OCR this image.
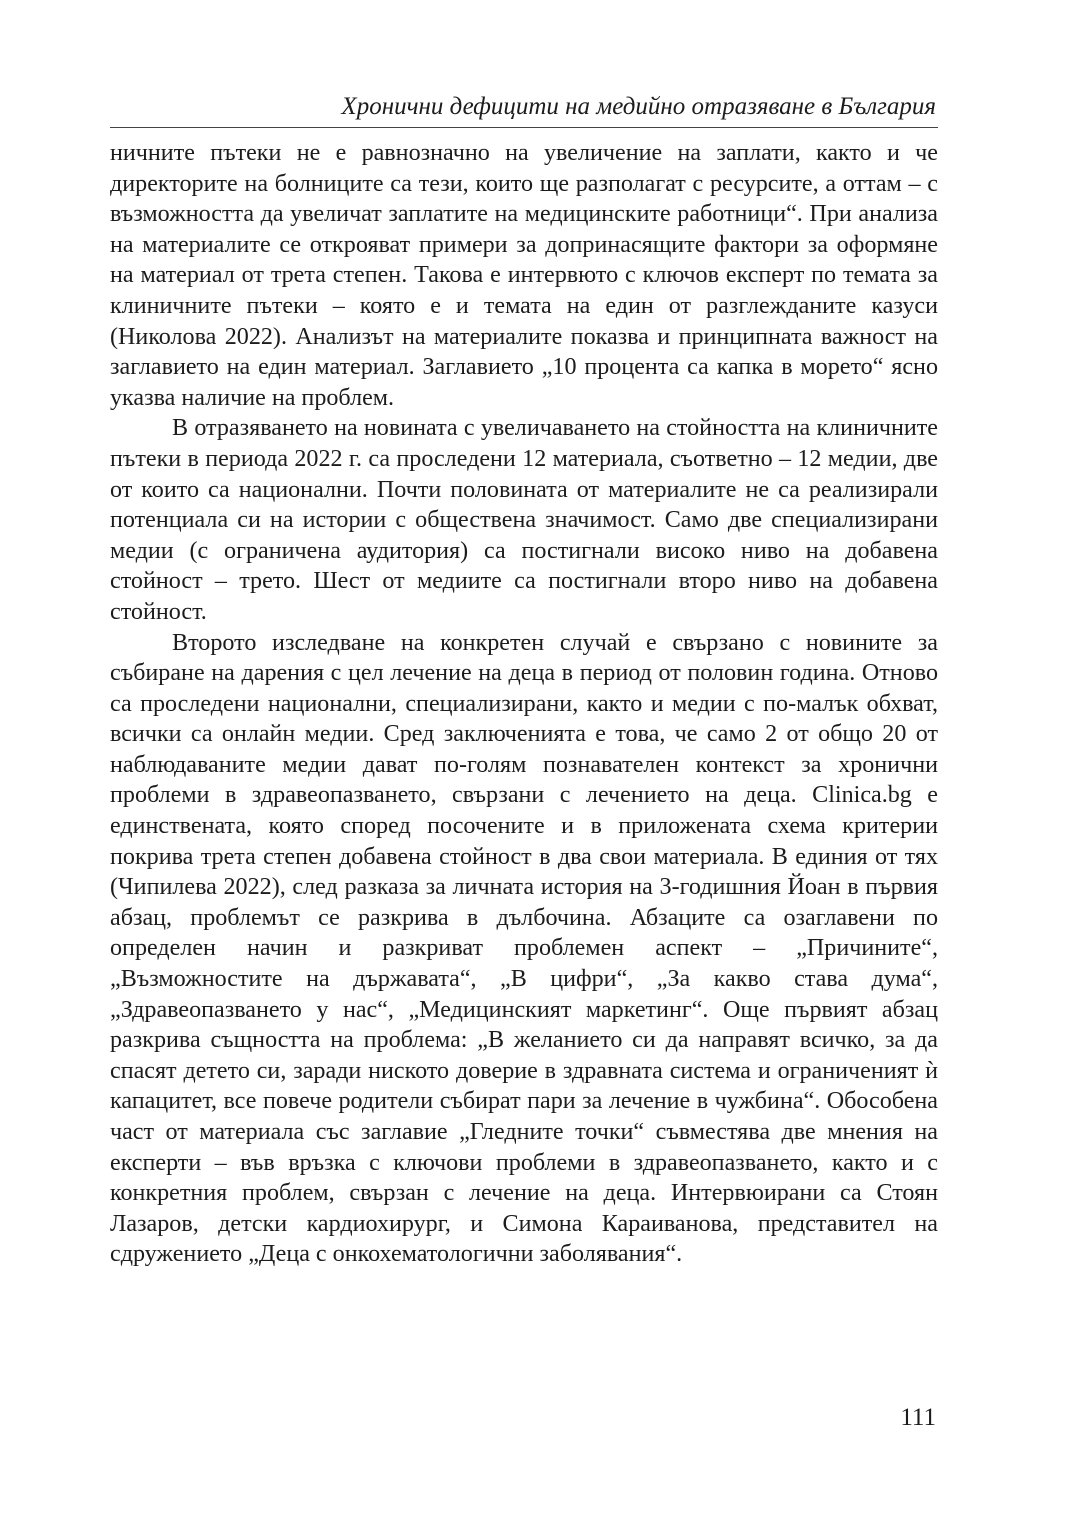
Хронични дефицити на медийно отразяване в България

ничните пътеки не е равнозначно на увеличение на заплати, както и че директорите на болниците са тези, които ще разполагат с ресурсите, а оттам – с възможността да увеличат заплатите на медицинските работници“. При анализа на материалите се открояват примери за допринасящите фактори за оформяне на материал от трета степен. Такова е интервюто с ключов експерт по темата за клиничните пътеки – която е и темата на един от разглежданите казуси (Николова 2022). Анализът на материалите показва и принципната важност на заглавието на един материал. Заглавието „10 процента са капка в морето“ ясно указва наличие на проблем.

В отразяването на новината с увеличаването на стойността на клиничните пътеки в периода 2022 г. са проследени 12 материала, съответно – 12 медии, две от които са национални. Почти половината от материалите не са реализирали потенциала си на истории с обществена значимост. Само две специализирани медии (с ограничена аудитория) са постигнали високо ниво на добавена стойност – трето. Шест от медиите са постигнали второ ниво на добавена стойност.

Второто изследване на конкретен случай е свързано с новините за събиране на дарения с цел лечение на деца в период от половин година. Отново са проследени национални, специализирани, както и медии с по-малък обхват, всички са онлайн медии. Сред заключенията е това, че само 2 от общо 20 от наблюдаваните медии дават по-голям познавателен контекст за хронични проблеми в здравеопазването, свързани с лечението на деца. Clinica.bg е единствената, която според посочените и в приложената схема критерии покрива трета степен добавена стойност в два свои материала. В единия от тях (Чипилева 2022), след разказа за личната история на 3-годишния Йоан в първия абзац, проблемът се разкрива в дълбочина. Абзаците са озаглавени по определен начин и разкриват проблемен аспект – „Причините“, „Възможностите на държавата“, „В цифри“, „За какво става дума“, „Здравеопазването у нас“, „Медицинският маркетинг“. Още първият абзац разкрива същността на проблема: „В желанието си да направят всичко, за да спасят детето си, заради ниското доверие в здравната система и ограниченият ѝ капацитет, все повече родители събират пари за лечение в чужбина“. Обособена част от материала със заглавие „Гледните точки“ съвместява две мнения на експерти – във връзка с ключови проблеми в здравеопазването, както и с конкретния проблем, свързан с лечение на деца. Интервюирани са Стоян Лазаров, детски кардиохирург, и Симона Караиванова, представител на сдружението „Деца с онкохематологични заболявания“.

111
